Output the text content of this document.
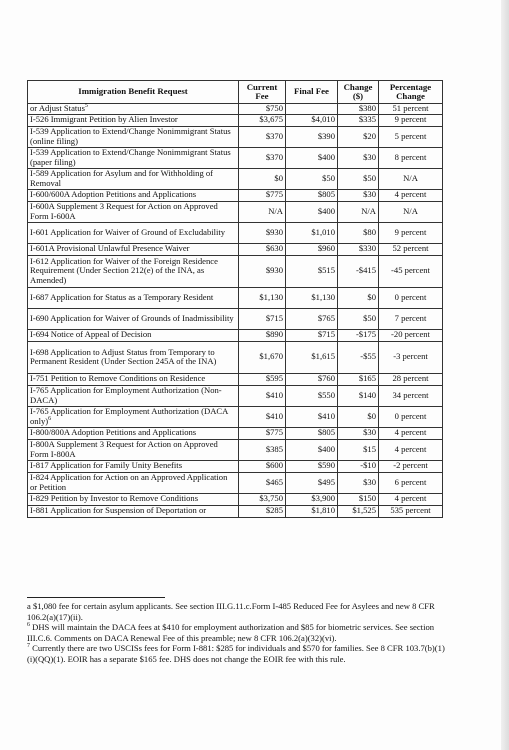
Immigration Benefit Request	Current Fee	Final Fee	Change ($)	Percentage Change
or Adjust Status$^5$	$750		$380	51 percent
I-526 Immigrant Petition by Alien Investor	$3,675	$4,010	$335	9 percent
I-539 Application to Extend/Change Nonimmigrant Status (online filing)	$370	$390	$20	5 percent
I-539 Application to Extend/Change Nonimmigrant Status (paper filing)	$370	$400	$30	8 percent
I-589 Application for Asylum and for Withholding of Removal	$0	$50	$50	N/A
I-600/600A Adoption Petitions and Applications	$775	$805	$30	4 percent
I-600A Supplement 3 Request for Action on Approved Form I-600A	N/A	$400	N/A	N/A
I-601 Application for Waiver of Ground of Excludability	$930	$1,010	$80	9 percent
I-601A Provisional Unlawful Presence Waiver	$630	$960	$330	52 percent
I-612 Application for Waiver of the Foreign Residence Requirement (Under Section 212(e) of the INA, as Amended)	$930	$515	-$415	-45 percent
I-687 Application for Status as a Temporary Resident	$1,130	$1,130	$0	0 percent
I-690 Application for Waiver of Grounds of Inadmissibility	$715	$765	$50	7 percent
I-694 Notice of Appeal of Decision	$890	$715	-$175	-20 percent
I-698 Application to Adjust Status from Temporary to Permanent Resident (Under Section 245A of the INA)	$1,670	$1,615	-$55	-3 percent
I-751 Petition to Remove Conditions on Residence	$595	$760	$165	28 percent
I-765 Application for Employment Authorization (Non-DACA)	$410	$550	$140	34 percent
I-765 Application for Employment Authorization (DACA only)$^6$	$410	$410	$0	0 percent
I-800/800A Adoption Petitions and Applications	$775	$805	$30	4 percent
I-800A Supplement 3 Request for Action on Approved Form I-800A	$385	$400	$15	4 percent
I-817 Application for Family Unity Benefits	$600	$590	-$10	-2 percent
I-824 Application for Action on an Approved Application or Petition	$465	$495	$30	6 percent
I-829 Petition by Investor to Remove Conditions	$3,750	$3,900	$150	4 percent
I-881 Application for Suspension of Deportation or	$285	$1,810	$1,525	535 percent

a $1,080 fee for certain asylum applicants. See section III.G.11.c.Form I-485 Reduced Fee for Asylees and new 8 CFR 106.2(a)(17)(ii).

$^6$ DHS will maintain the DACA fees at $410 for employment authorization and $85 for biometric services. See section III.C.6. Comments on DACA Renewal Fee of this preamble; new 8 CFR 106.2(a)(32)(vi).

$^7$ Currently there are two USCISs fees for Form I-881: $285 for individuals and $570 for families. See 8 CFR 103.7(b)(1)(i)(QQ)(1). EOIR has a separate $165 fee. DHS does not change the EOIR fee with this rule.
